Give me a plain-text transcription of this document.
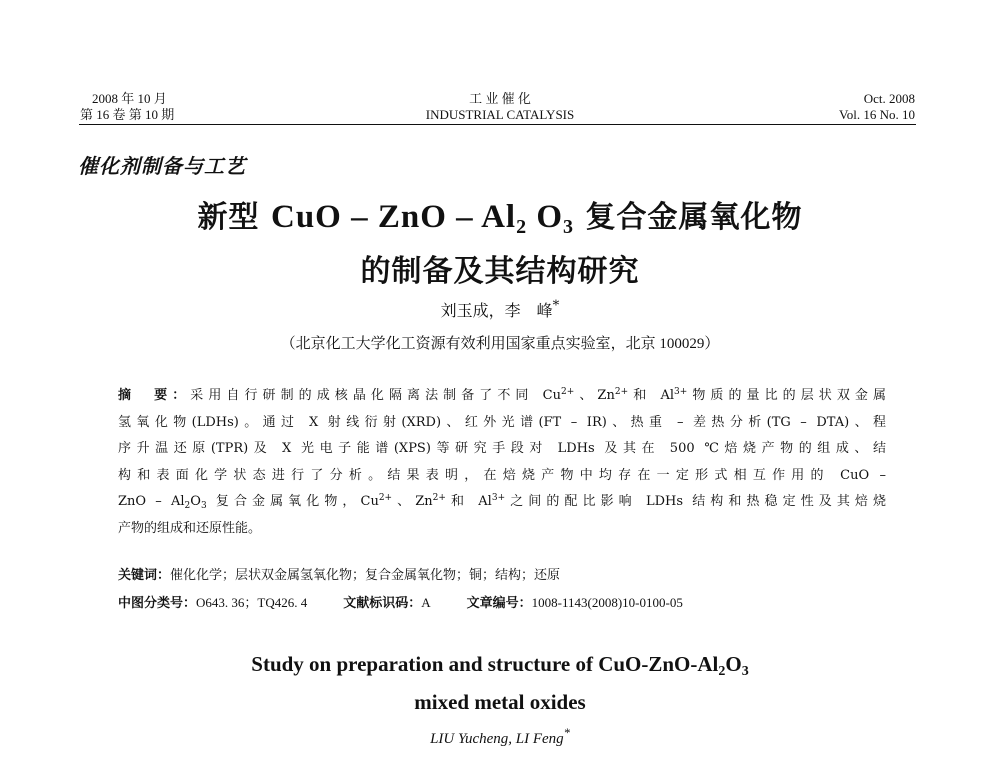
2008 年 10 月
第 16 卷 第 10 期
工 业 催 化
INDUSTRIAL CATALYSIS
Oct. 2008
Vol. 16 No. 10
催化剂制备与工艺
新型 CuO – ZnO – $Al_2$ $O_3$ 复合金属氧化物
的制备及其结构研究
刘玉成，李　峰*
（北京化工大学化工资源有效利用国家重点实验室，北京 100029）
摘　要：采用自行研制的成核晶化隔离法制备了不同 $Cu^{2+}$、$Zn^{2+}$和 $Al^{3+}$物质的量比的层状双金属
氢氧化物(LDHs)。通过 X 射线衍射(XRD)、红外光谱(FT – IR)、热重 – 差热分析(TG – DTA)、程
序升温还原(TPR)及 X 光电子能谱(XPS)等研究手段对 LDHs 及其在 500 ℃焙烧产物的组成、结
构和表面化学状态进行了分析。结果表明，在焙烧产物中均存在一定形式相互作用的 CuO –
ZnO – $Al_2O_3$ 复合金属氧化物，$Cu^{2+}$、$Zn^{2+}$和 $Al^{3+}$之间的配比影响 LDHs 结构和热稳定性及其焙烧
产物的组成和还原性能。
关键词：催化化学；层状双金属氢氧化物；复合金属氧化物；铜；结构；还原
中图分类号：O643. 36；TQ426. 4	文献标识码：A	文章编号：1008-1143(2008)10-0100-05
Study on preparation and structure of CuO-$ZnO-Al_2O_3$
mixed metal oxides
LIU Yucheng, LI Feng*
